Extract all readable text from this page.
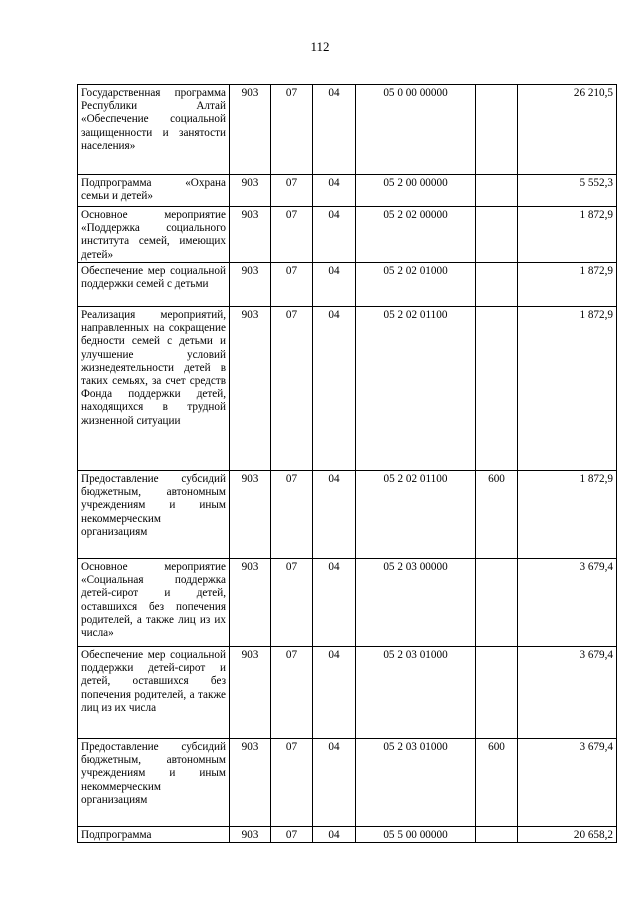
112
Государственная программа Республики Алтай «Обеспечение социальной защищенности и занятости населения»	903	07	04	05 0 00 00000		26 210,5
Подпрограмма «Охрана семьи и детей»	903	07	04	05 2 00 00000		5 552,3
Основное мероприятие «Поддержка социального института семей, имеющих детей»	903	07	04	05 2 02 00000		1 872,9
Обеспечение мер социальной поддержки семей с детьми	903	07	04	05 2 02 01000		1 872,9
Реализация мероприятий, направленных на сокращение бедности семей с детьми и улучшение условий жизнедеятельности детей в таких семьях, за счет средств Фонда поддержки детей, находящихся в трудной жизненной ситуации	903	07	04	05 2 02 01100		1 872,9
Предоставление субсидий бюджетным, автономным учреждениям и иным некоммерческим организациям	903	07	04	05 2 02 01100	600	1 872,9
Основное мероприятие «Социальная поддержка детей-сирот и детей, оставшихся без попечения родителей, а также лиц из их числа»	903	07	04	05 2 03 00000		3 679,4
Обеспечение мер социальной поддержки детей-сирот и детей, оставшихся без попечения родителей, а также лиц из их числа	903	07	04	05 2 03 01000		3 679,4
Предоставление субсидий бюджетным, автономным учреждениям и иным некоммерческим организациям	903	07	04	05 2 03 01000	600	3 679,4
Подпрограмма	903	07	04	05 5 00 00000		20 658,2
